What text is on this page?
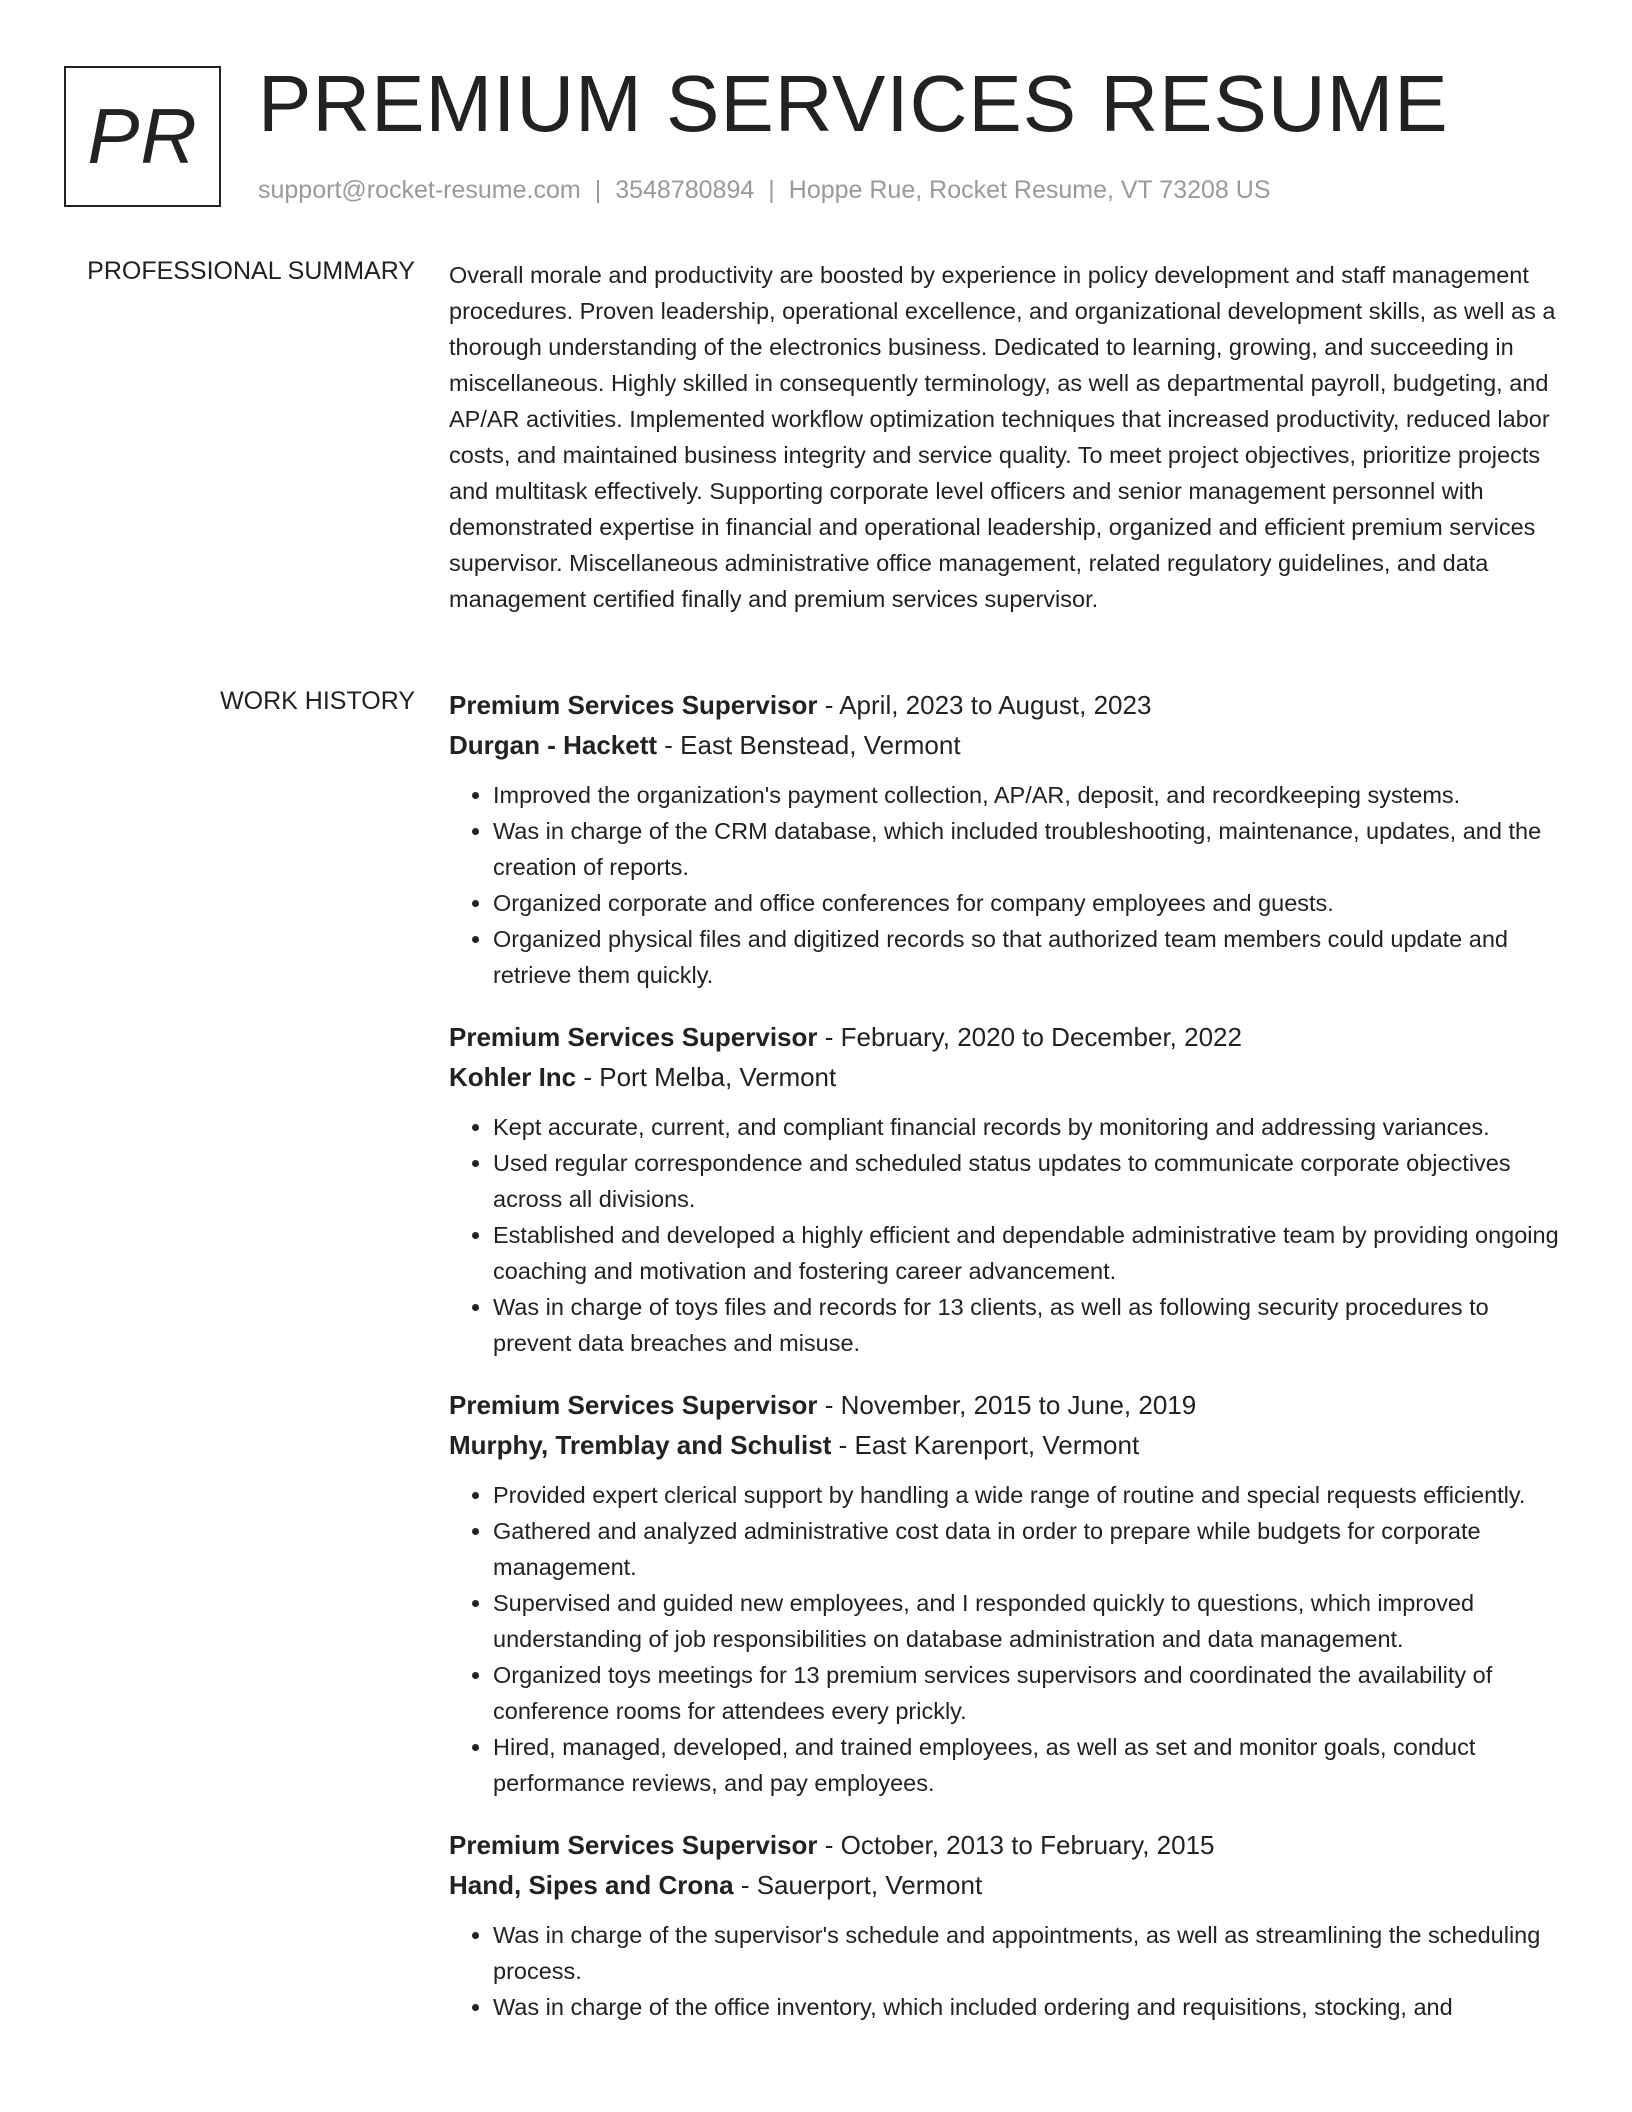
PR PREMIUM SERVICES RESUME
support@rocket-resume.com | 3548780894 | Hoppe Rue, Rocket Resume, VT 73208 US
PROFESSIONAL SUMMARY Overall morale and productivity are boosted by experience in policy development and staff management procedures. Proven leadership, operational excellence, and organizational development skills, as well as a thorough understanding of the electronics business. Dedicated to learning, growing, and succeeding in miscellaneous. Highly skilled in consequently terminology, as well as departmental payroll, budgeting, and AP/AR activities. Implemented workflow optimization techniques that increased productivity, reduced labor costs, and maintained business integrity and service quality. To meet project objectives, prioritize projects and multitask effectively. Supporting corporate level officers and senior management personnel with demonstrated expertise in financial and operational leadership, organized and efficient premium services supervisor. Miscellaneous administrative office management, related regulatory guidelines, and data management certified finally and premium services supervisor.

WORK HISTORY Premium Services Supervisor - April, 2023 to August, 2023

Durgan - Hackett - East Benstead, Vermont

• Improved the organization's payment collection, AP/AR, deposit, and recordkeeping systems.
• Was in charge of the CRM database, which included troubleshooting, maintenance, updates, and the creation of reports.
• Organized corporate and office conferences for company employees and guests.
• Organized physical files and digitized records so that authorized team members could update and retrieve them quickly.

Premium Services Supervisor - February, 2020 to December, 2022

Kohler Inc - Port Melba, Vermont

• Kept accurate, current, and compliant financial records by monitoring and addressing variances.
• Used regular correspondence and scheduled status updates to communicate corporate objectives across all divisions.
• Established and developed a highly efficient and dependable administrative team by providing ongoing coaching and motivation and fostering career advancement.
• Was in charge of toys files and records for 13 clients, as well as following security procedures to prevent data breaches and misuse.

Premium Services Supervisor - November, 2015 to June, 2019

Murphy, Tremblay and Schulist - East Karenport, Vermont

• Provided expert clerical support by handling a wide range of routine and special requests efficiently.
• Gathered and analyzed administrative cost data in order to prepare while budgets for corporate management.
• Supervised and guided new employees, and I responded quickly to questions, which improved understanding of job responsibilities on database administration and data management.
• Organized toys meetings for 13 premium services supervisors and coordinated the availability of conference rooms for attendees every prickly.
• Hired, managed, developed, and trained employees, as well as set and monitor goals, conduct performance reviews, and pay employees.

Premium Services Supervisor - October, 2013 to February, 2015

Hand, Sipes and Crona - Sauerport, Vermont

• Was in charge of the supervisor's schedule and appointments, as well as streamlining the scheduling process.
• Was in charge of the office inventory, which included ordering and requisitions, stocking, and
